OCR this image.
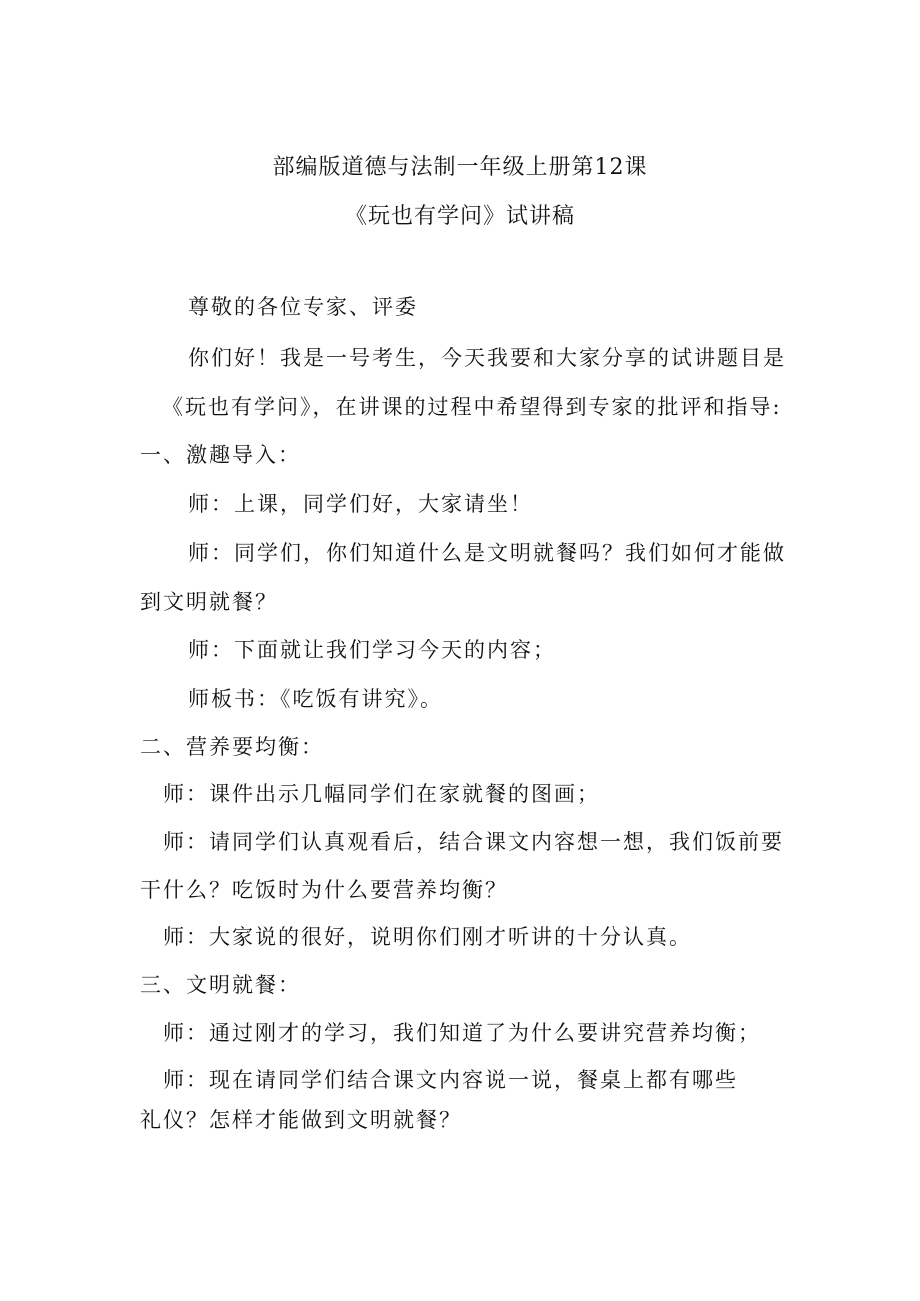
部编版道德与法制一年级上册第12课
《玩也有学问》试讲稿
尊敬的各位专家、评委
你们好！我是一号考生，今天我要和大家分享的试讲题目是
《玩也有学问》，在讲课的过程中希望得到专家的批评和指导:
一、激趣导入：
师：上课，同学们好，大家请坐！
师：同学们，你们知道什么是文明就餐吗？我们如何才能做
到文明就餐？
师：下面就让我们学习今天的内容；
师板书：《吃饭有讲究》。
二、营养要均衡：
师：课件出示几幅同学们在家就餐的图画；
师：请同学们认真观看后，结合课文内容想一想，我们饭前要
干什么？吃饭时为什么要营养均衡？
师：大家说的很好，说明你们刚才听讲的十分认真。
三、文明就餐：
师：通过刚才的学习，我们知道了为什么要讲究营养均衡；
师：现在请同学们结合课文内容说一说，餐桌上都有哪些
礼仪？怎样才能做到文明就餐？
